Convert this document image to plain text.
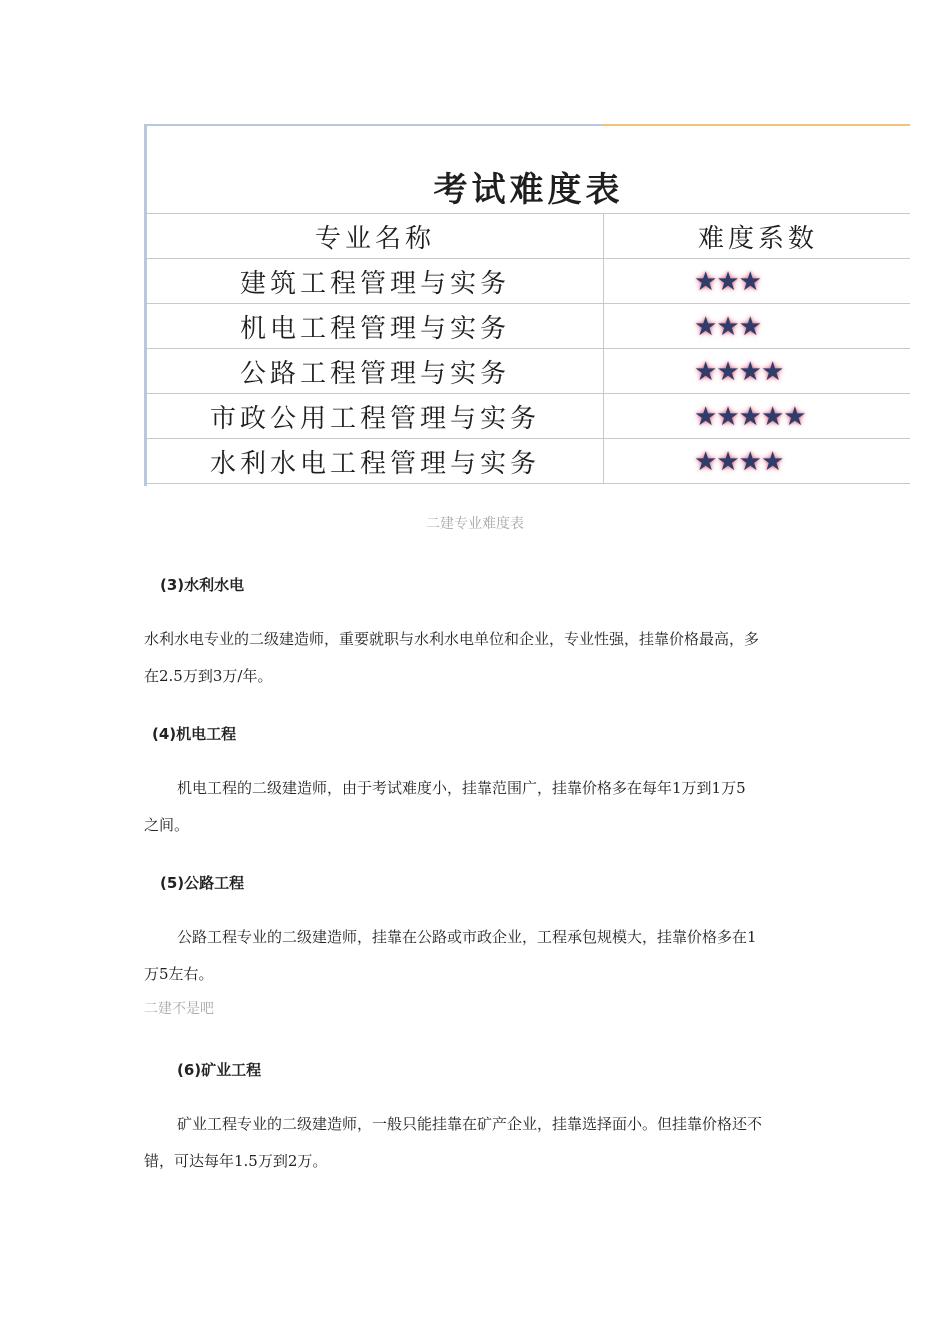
考试难度表
专业名称	难度系数
建筑工程管理与实务	★★★
机电工程管理与实务	★★★
公路工程管理与实务	★★★★
市政公用工程管理与实务	★★★★★
水利水电工程管理与实务	★★★★
二建专业难度表
(3)水利水电
水利水电专业的二级建造师，重要就职与水利水电单位和企业，专业性强，挂靠价格最高，多
在2.5万到3万/年。
(4)机电工程
机电工程的二级建造师，由于考试难度小，挂靠范围广，挂靠价格多在每年1万到1万5
之间。
(5)公路工程
公路工程专业的二级建造师，挂靠在公路或市政企业，工程承包规模大，挂靠价格多在1
万5左右。
二建不是吧
(6)矿业工程
矿业工程专业的二级建造师，一般只能挂靠在矿产企业，挂靠选择面小。但挂靠价格还不
错，可达每年1.5万到2万。
